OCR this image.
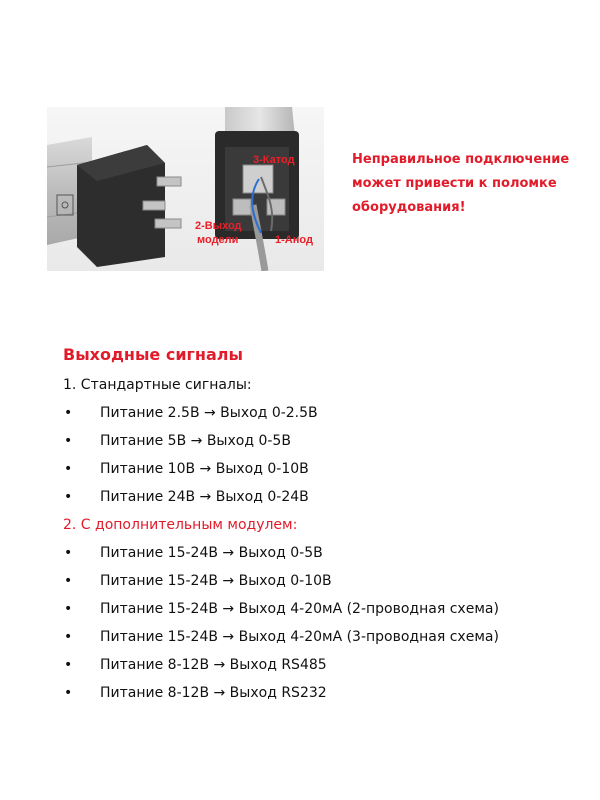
3-Катод
2-Выход
модели	1-Анод
Неправильное подключение
может привести к поломке
оборудования!
Выходные сигналы
1. Стандартные сигналы:
• Питание 2.5В → Выход 0-2.5В
• Питание 5В → Выход 0-5В
• Питание 10В → Выход 0-10В
• Питание 24В → Выход 0-24В
2. С дополнительным модулем:
• Питание 15-24В → Выход 0-5В
• Питание 15-24В → Выход 0-10В
• Питание 15-24В → Выход 4-20мА (2-проводная схема)
• Питание 15-24В → Выход 4-20мА (3-проводная схема)
• Питание 8-12В → Выход RS485
• Питание 8-12В → Выход RS232
